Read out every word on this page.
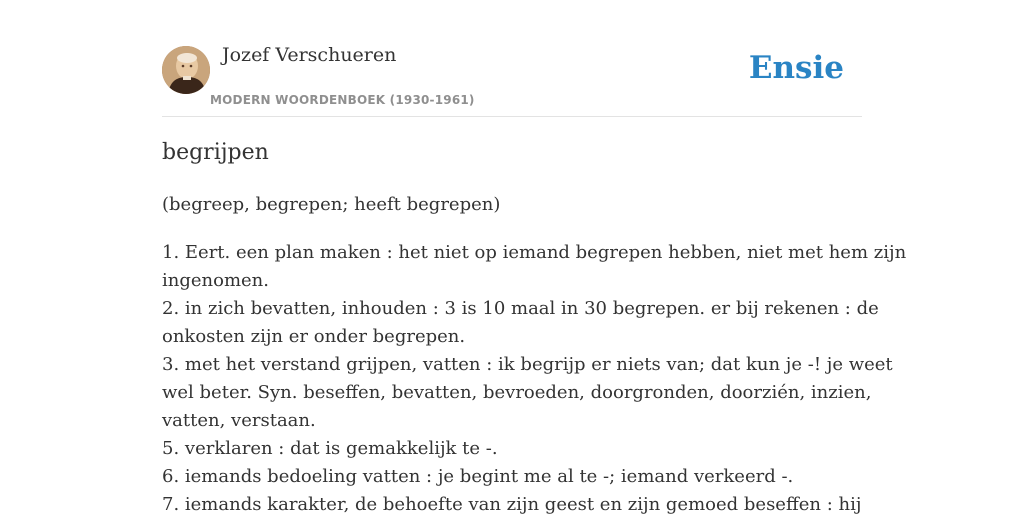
Jozef Verschueren
MODERN WOORDENBOEK (1930-1961)
Ensie
begrijpen

(begreep, begrepen; heeft begrepen)

1. Eert. een plan maken : het niet op iemand begrepen hebben, niet met hem zijn
ingenomen.
2. in zich bevatten, inhouden : 3 is 10 maal in 30 begrepen. er bij rekenen : de
onkosten zijn er onder begrepen.
3. met het verstand grijpen, vatten : ik begrijp er niets van; dat kun je -! je weet
wel beter. Syn. beseffen, bevatten, bevroeden, doorgronden, doorzién, inzien,
vatten, verstaan.
5. verklaren : dat is gemakkelijk te -.
6. iemands bedoeling vatten : je begint me al te -; iemand verkeerd -.
7. iemands karakter, de behoefte van zijn geest en zijn gemoed beseffen : hij
